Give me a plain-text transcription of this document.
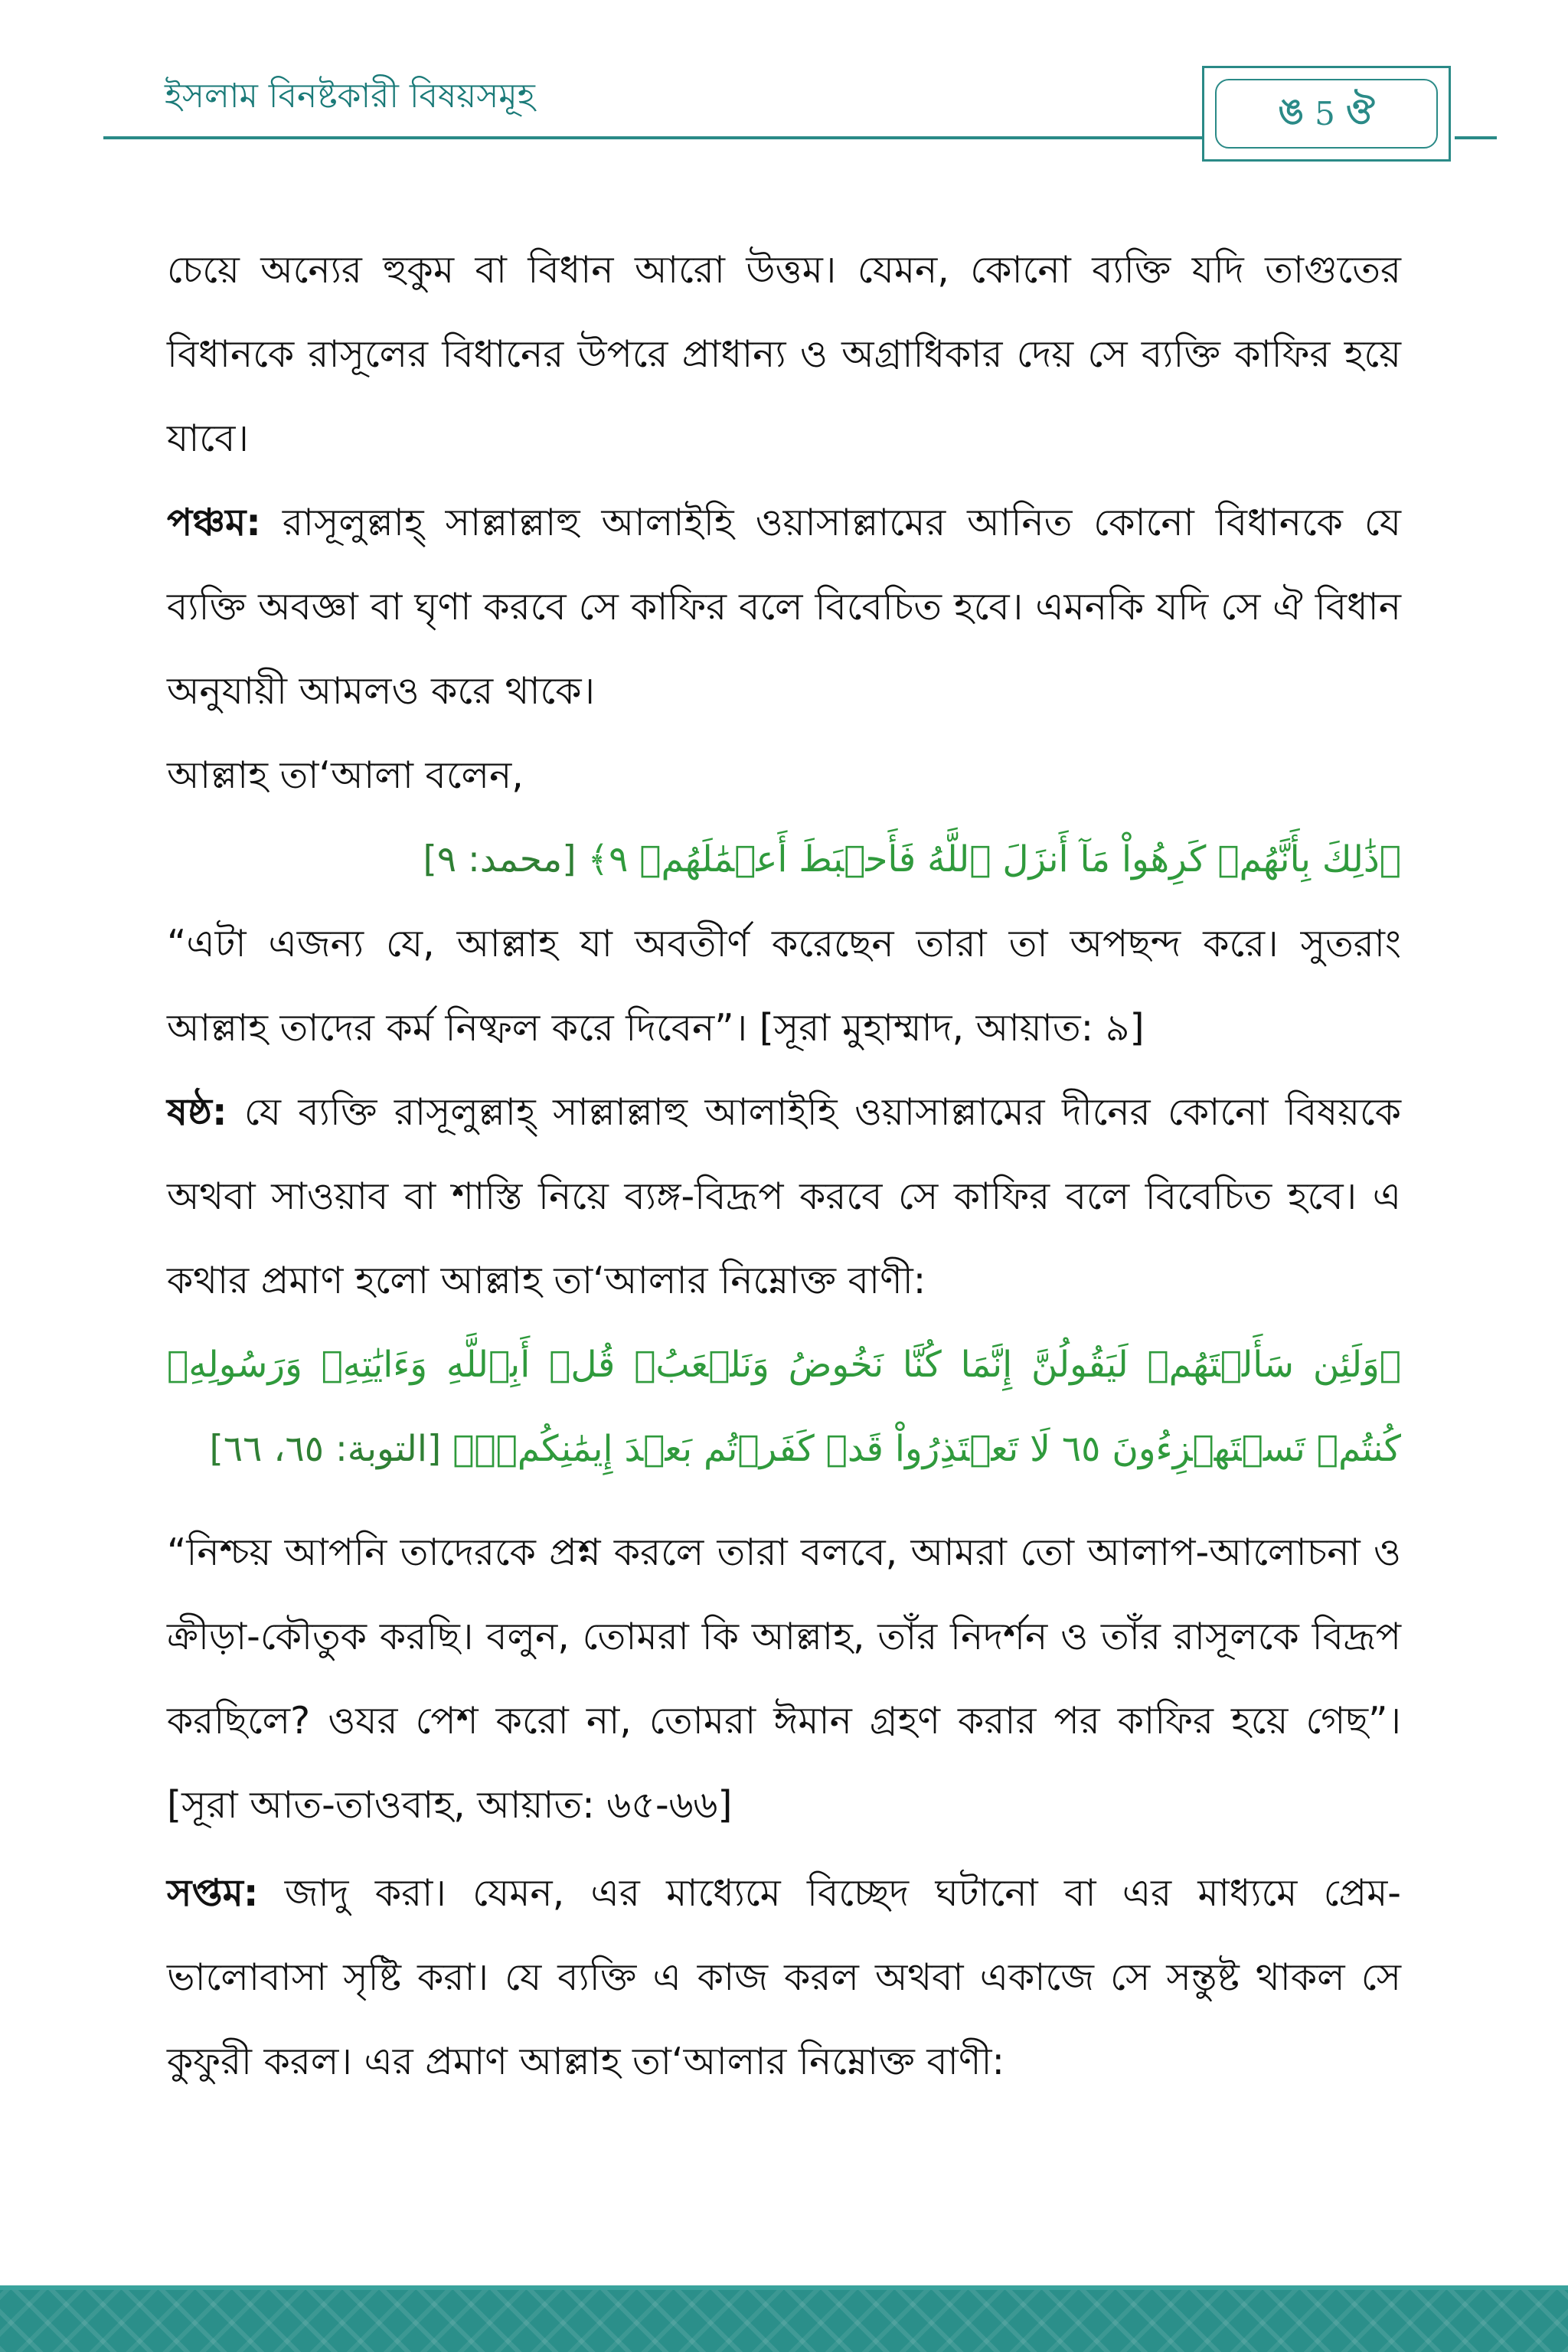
ইসলাম বিনষ্টকারী বিষয়সমূহ	ঙ 5 ঔ

চেয়ে অন্যের হুকুম বা বিধান আরো উত্তম। যেমন, কোনো ব্যক্তি যদি তাগুতের বিধানকে রাসূলের বিধানের উপরে প্রাধান্য ও অগ্রাধিকার দেয় সে ব্যক্তি কাফির হয়ে যাবে।

পঞ্চম: রাসূলুল্লাহ্‌ সাল্লাল্লাহু আলাইহি ওয়াসাল্লামের আনিত কোনো বিধানকে যে ব্যক্তি অবজ্ঞা বা ঘৃণা করবে সে কাফির বলে বিবেচিত হবে। এমনকি যদি সে ঐ বিধান অনুযায়ী আমলও করে থাকে।

আল্লাহ তা‘আলা বলেন,

﴿ذَٰلِكَ بِأَنَّهُمۡ كَرِهُواْ مَآ أَنزَلَ ٱللَّهُ فَأَحۡبَطَ أَعۡمَٰلَهُمۡ ٩﴾ [محمد: ٩]

“এটা এজন্য যে, আল্লাহ যা অবতীর্ণ করেছেন তারা তা অপছন্দ করে। সুতরাং আল্লাহ তাদের কর্ম নিষ্ফল করে দিবেন”। [সূরা মুহাম্মাদ, আয়াত: ৯]

ষষ্ঠ: যে ব্যক্তি রাসূলুল্লাহ্‌ সাল্লাল্লাহু আলাইহি ওয়াসাল্লামের দীনের কোনো বিষয়কে অথবা সাওয়াব বা শাস্তি নিয়ে ব্যঙ্গ-বিদ্রূপ করবে সে কাফির বলে বিবেচিত হবে। এ কথার প্রমাণ হলো আল্লাহ তা‘আলার নিম্নোক্ত বাণী:

﴿وَلَئِن سَأَلۡتَهُمۡ لَيَقُولُنَّ إِنَّمَا كُنَّا نَخُوضُ وَنَلۡعَبُۚ قُلۡ أَبِٱللَّهِ وَءَايَٰتِهِۦ وَرَسُولِهِۦ كُنتُمۡ تَسۡتَهۡزِءُونَ ٦٥ لَا تَعۡتَذِرُواْ قَدۡ كَفَرۡتُم بَعۡدَ إِيمَٰنِكُمۡۚ﴾ [التوبة: ٦٥، ٦٦]

“নিশ্চয় আপনি তাদেরকে প্রশ্ন করলে তারা বলবে, আমরা তো আলাপ-আলোচনা ও ক্রীড়া-কৌতুক করছি। বলুন, তোমরা কি আল্লাহ, তাঁর নিদর্শন ও তাঁর রাসূলকে বিদ্রূপ করছিলে? ওযর পেশ করো না, তোমরা ঈমান গ্রহণ করার পর কাফির হয়ে গেছ”। [সূরা আত-তাওবাহ, আয়াত: ৬৫-৬৬]

সপ্তম: জাদু করা। যেমন, এর মাধ্যেমে বিচ্ছেদ ঘটানো বা এর মাধ্যমে প্রেম-ভালোবাসা সৃষ্টি করা। যে ব্যক্তি এ কাজ করল অথবা একাজে সে সন্তুষ্ট থাকল সে কুফুরী করল। এর প্রমাণ আল্লাহ তা‘আলার নিম্নোক্ত বাণী:
